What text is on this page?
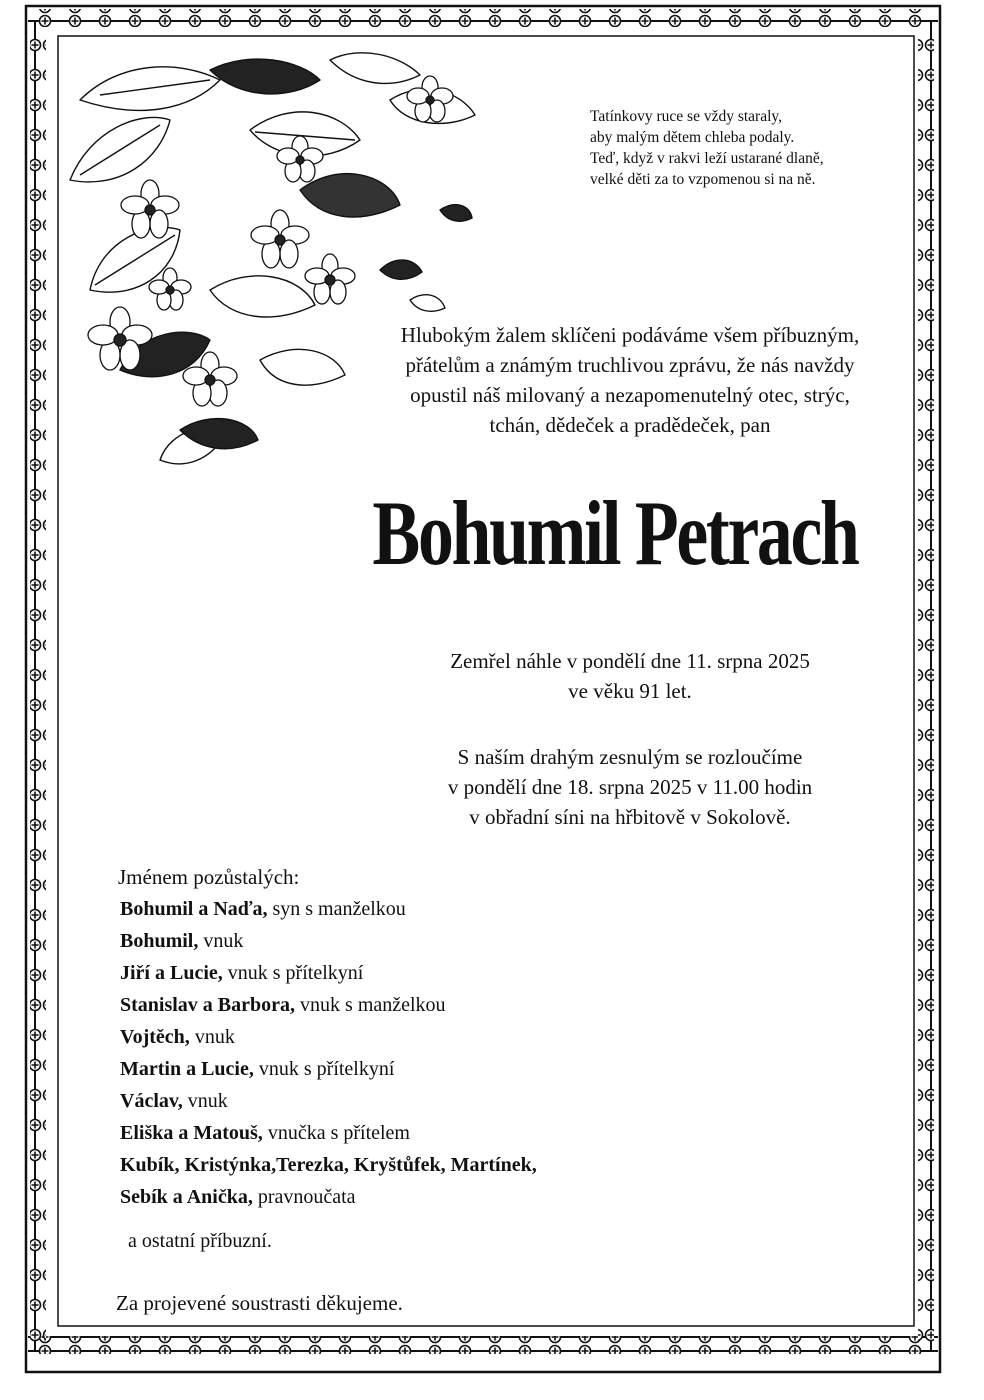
Tatínkovy ruce se vždy staraly,
aby malým dětem chleba podaly.
Teď, když v rakvi leží ustarané dlaně,
velké děti za to vzpomenou si na ně.
Hlubokým žalem sklíčeni podáváme všem příbuzným,
přátelům a známým truchlivou zprávu, že nás navždy
opustil náš milovaný a nezapomenutelný otec, strýc,
tchán, dědeček a pradědeček, pan
Bohumil Petrach
Zemřel náhle v pondělí dne 11. srpna 2025
ve věku 91 let.
S naším drahým zesnulým se rozloučíme
v pondělí dne 18. srpna 2025 v 11.00 hodin
v obřadní síni na hřbitově v Sokolově.
Jménem pozůstalých:
Bohumil a Naďa, syn s manželkou
Bohumil, vnuk
Jiří a Lucie, vnuk s přítelkyní
Stanislav a Barbora, vnuk s manželkou
Vojtěch, vnuk
Martin a Lucie, vnuk s přítelkyní
Václav, vnuk
Eliška a Matouš, vnučka s přítelem
Kubík, Kristýnka,Terezka, Kryštůfek, Martínek,
Sebík a Anička, pravnoučata
a ostatní příbuzní.
Za projevené soustrasti děkujeme.
